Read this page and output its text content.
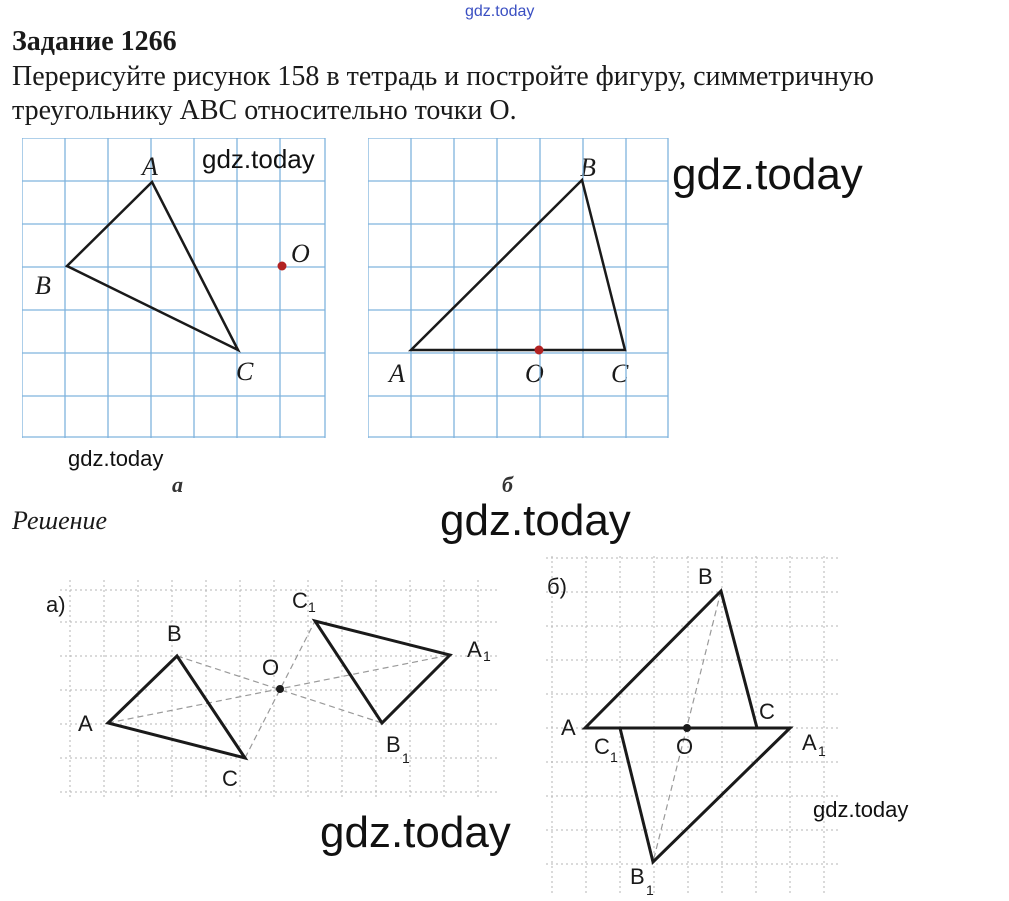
gdz.today
Задание 1266
Перерисуйте рисунок 158 в тетрадь и постройте фигуру, симметричную треугольнику АВС относительно точки О.
A
B
C
O
а
B
A	O	C
б
gdz.today	gdz.today
gdz.today
gdz.today
Решение
а)
A
B
C
O
C 1
A 1
B
1
б)	B
A
C
O
C 1
A 1
B
1
gdz.today	gdz.today
